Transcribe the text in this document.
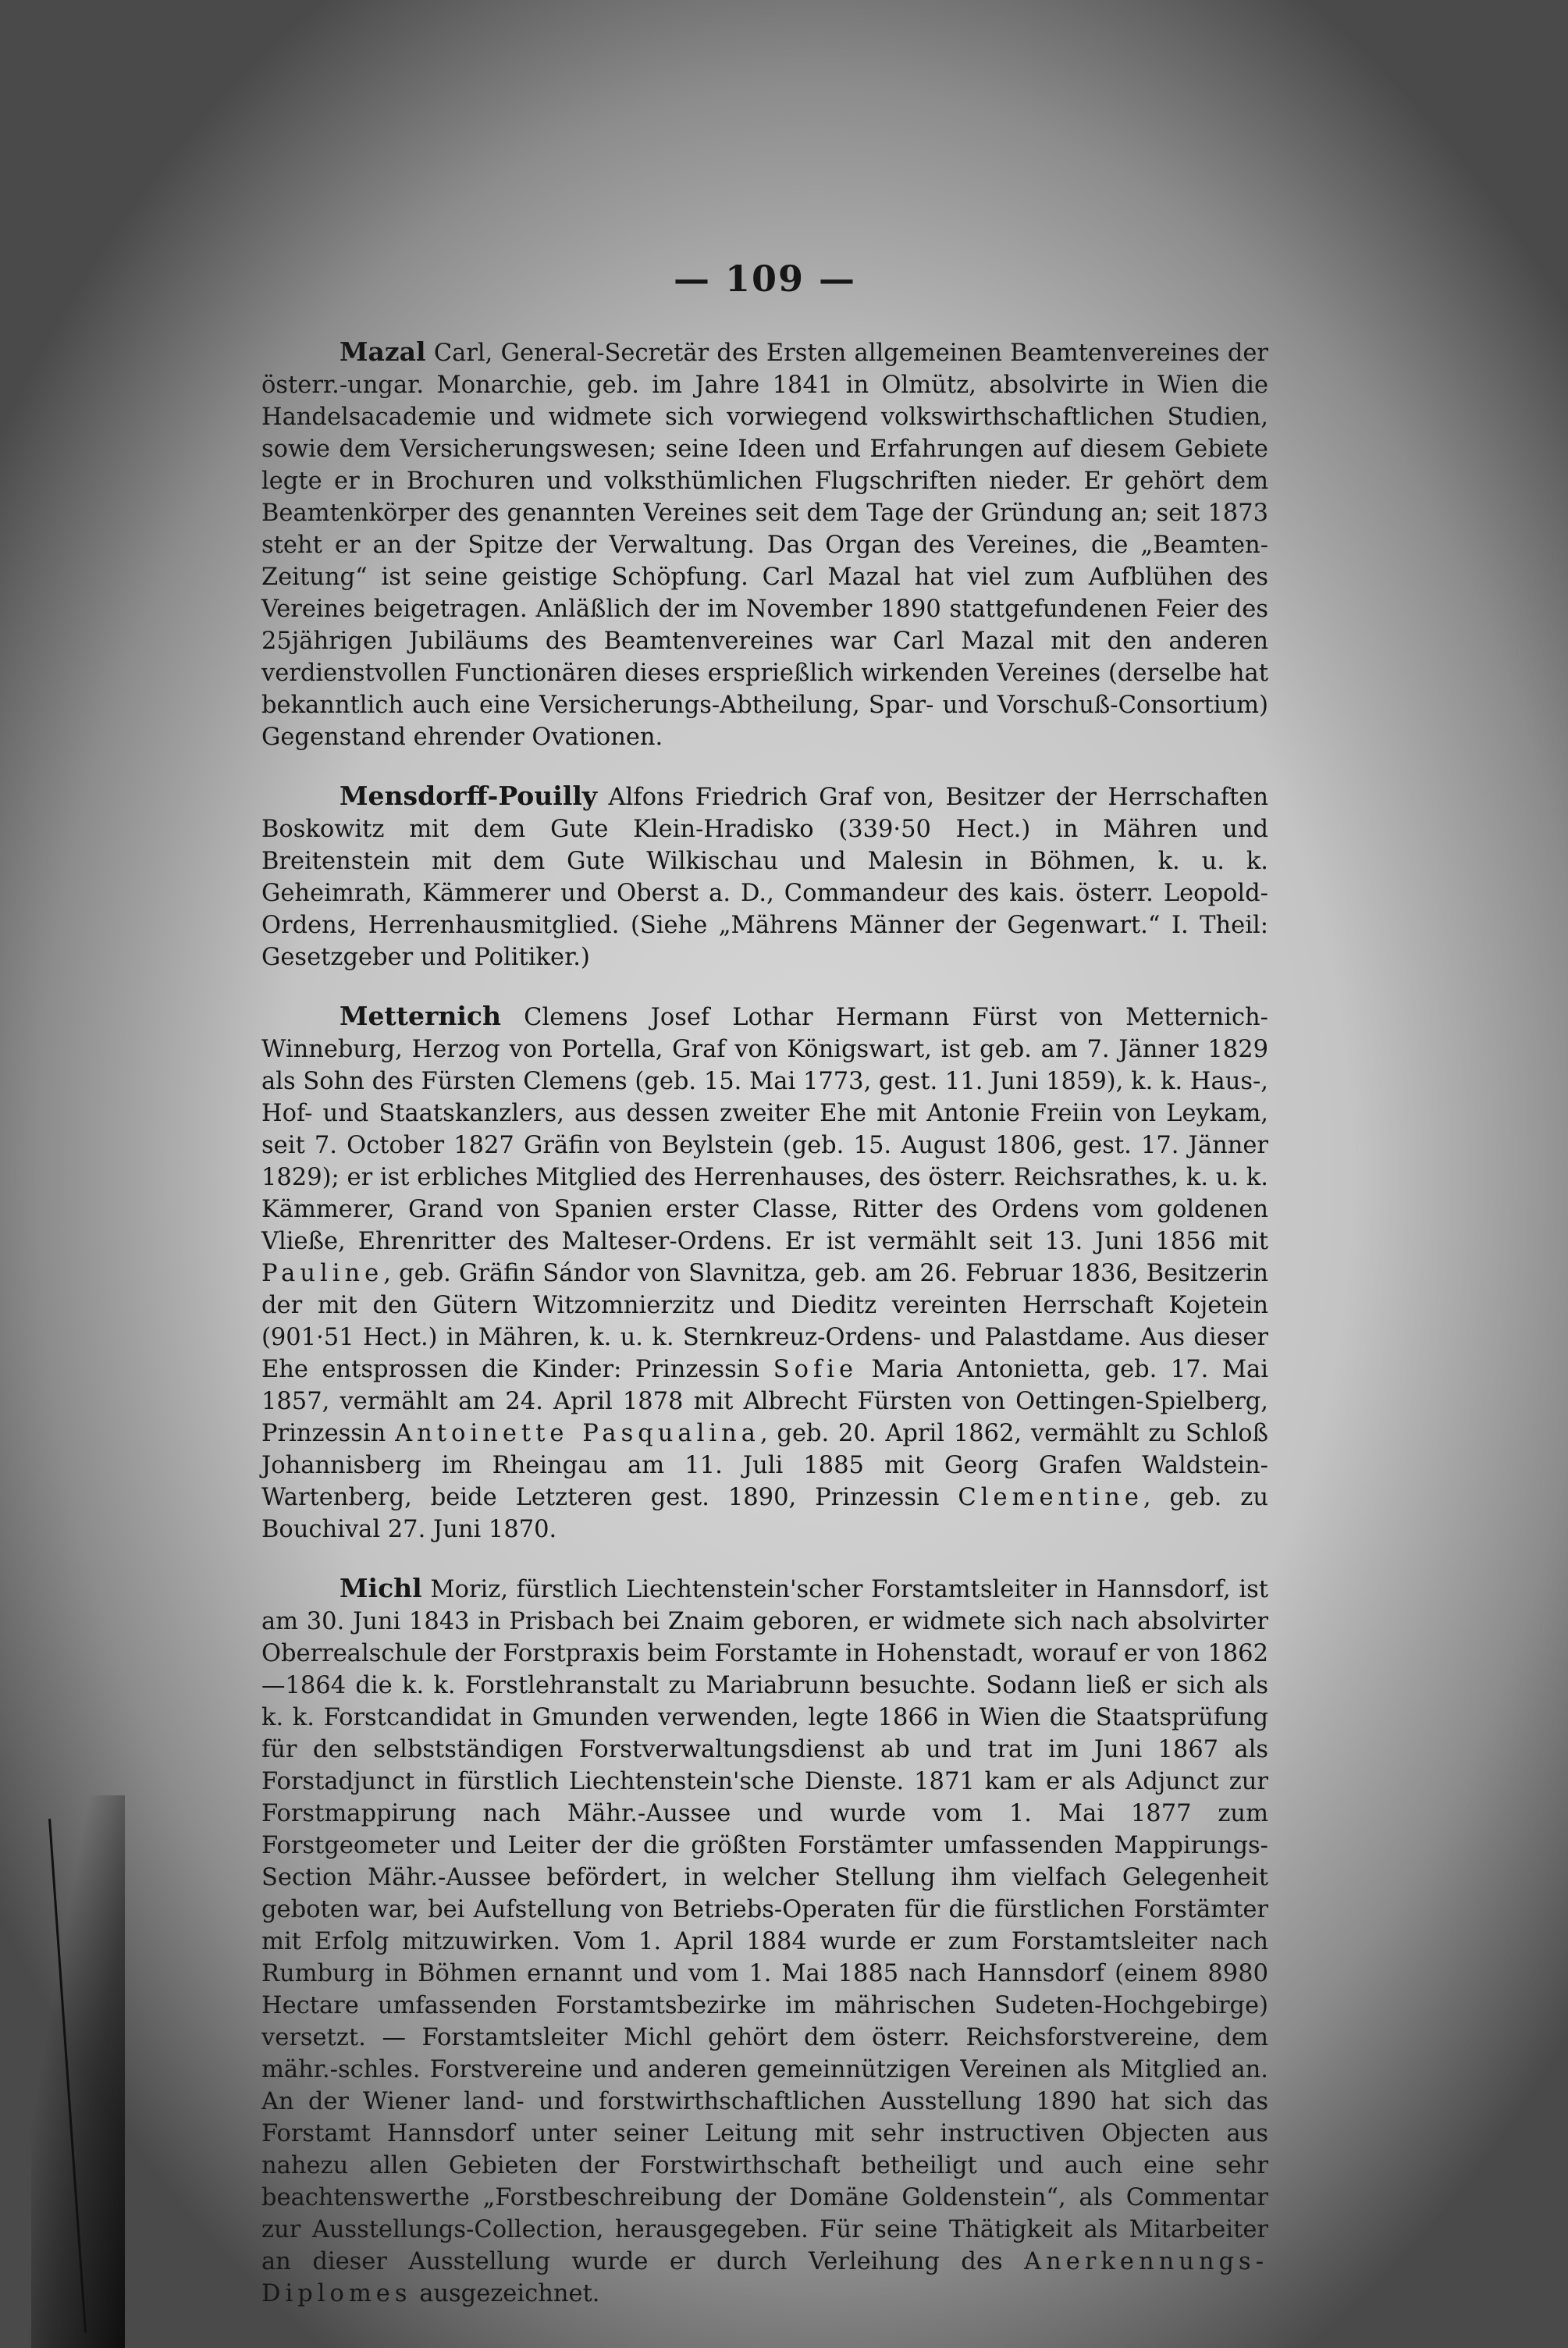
— 109 —

Mazal Carl, General-Secretär des Ersten allgemeinen Beamtenvereines der österr.-ungar. Monarchie, geb. im Jahre 1841 in Olmütz, absolvirte in Wien die Handelsacademie und widmete sich vorwiegend volkswirthschaftlichen Studien, sowie dem Versicherungswesen; seine Ideen und Erfahrungen auf diesem Gebiete legte er in Brochuren und volksthümlichen Flugschriften nieder. Er gehört dem Beamtenkörper des genannten Vereines seit dem Tage der Gründung an; seit 1873 steht er an der Spitze der Verwaltung. Das Organ des Vereines, die „Beamten-Zeitung“ ist seine geistige Schöpfung. Carl Mazal hat viel zum Aufblühen des Vereines beigetragen. Anläßlich der im November 1890 stattgefundenen Feier des 25jährigen Jubiläums des Beamtenvereines war Carl Mazal mit den anderen verdienstvollen Functionären dieses ersprießlich wirkenden Vereines (derselbe hat bekanntlich auch eine Versicherungs-Abtheilung, Spar- und Vorschuß-Consortium) Gegenstand ehrender Ovationen.

Mensdorff-Pouilly Alfons Friedrich Graf von, Besitzer der Herrschaften Boskowitz mit dem Gute Klein-Hradisko (339·50 Hect.) in Mähren und Breitenstein mit dem Gute Wilkischau und Malesin in Böhmen, k. u. k. Geheimrath, Kämmerer und Oberst a. D., Commandeur des kais. österr. Leopold-Ordens, Herrenhausmitglied. (Siehe „Mährens Männer der Gegenwart.“ I. Theil: Gesetzgeber und Politiker.)

Metternich Clemens Josef Lothar Hermann Fürst von Metternich-Winneburg, Herzog von Portella, Graf von Königswart, ist geb. am 7. Jänner 1829 als Sohn des Fürsten Clemens (geb. 15. Mai 1773, gest. 11. Juni 1859), k. k. Haus-, Hof- und Staatskanzlers, aus dessen zweiter Ehe mit Antonie Freiin von Leykam, seit 7. October 1827 Gräfin von Beylstein (geb. 15. August 1806, gest. 17. Jänner 1829); er ist erbliches Mitglied des Herrenhauses, des österr. Reichsrathes, k. u. k. Kämmerer, Grand von Spanien erster Classe, Ritter des Ordens vom goldenen Vließe, Ehrenritter des Malteser-Ordens. Er ist vermählt seit 13. Juni 1856 mit Pauline, geb. Gräfin Sándor von Slavnitza, geb. am 26. Februar 1836, Besitzerin der mit den Gütern Witzomnierzitz und Dieditz vereinten Herrschaft Kojetein (901·51 Hect.) in Mähren, k. u. k. Sternkreuz-Ordens- und Palastdame. Aus dieser Ehe entsprossen die Kinder: Prinzessin Sofie Maria Antonietta, geb. 17. Mai 1857, vermählt am 24. April 1878 mit Albrecht Fürsten von Oettingen-Spielberg, Prinzessin Antoinette Pasqualina, geb. 20. April 1862, vermählt zu Schloß Johannisberg im Rheingau am 11. Juli 1885 mit Georg Grafen Waldstein-Wartenberg, beide Letzteren gest. 1890, Prinzessin Clementine, geb. zu Bouchival 27. Juni 1870.

Michl Moriz, fürstlich Liechtenstein'scher Forstamtsleiter in Hannsdorf, ist am 30. Juni 1843 in Prisbach bei Znaim geboren, er widmete sich nach absolvirter Oberrealschule der Forstpraxis beim Forstamte in Hohenstadt, worauf er von 1862—1864 die k. k. Forstlehranstalt zu Mariabrunn besuchte. Sodann ließ er sich als k. k. Forstcandidat in Gmunden verwenden, legte 1866 in Wien die Staatsprüfung für den selbstständigen Forstverwaltungsdienst ab und trat im Juni 1867 als Forstadjunct in fürstlich Liechtenstein'sche Dienste. 1871 kam er als Adjunct zur Forstmappirung nach Mähr.-Aussee und wurde vom 1. Mai 1877 zum Forstgeometer und Leiter der die größten Forstämter umfassenden Mappirungs-Section Mähr.-Aussee befördert, in welcher Stellung ihm vielfach Gelegenheit geboten war, bei Aufstellung von Betriebs-Operaten für die fürstlichen Forstämter mit Erfolg mitzuwirken. Vom 1. April 1884 wurde er zum Forstamtsleiter nach Rumburg in Böhmen ernannt und vom 1. Mai 1885 nach Hannsdorf (einem 8980 Hectare umfassenden Forstamtsbezirke im mährischen Sudeten-Hochgebirge) versetzt. — Forstamtsleiter Michl gehört dem österr. Reichsforstvereine, dem mähr.-schles. Forstvereine und anderen gemeinnützigen Vereinen als Mitglied an. An der Wiener land- und forstwirthschaftlichen Ausstellung 1890 hat sich das Forstamt Hannsdorf unter seiner Leitung mit sehr instructiven Objecten aus nahezu allen Gebieten der Forstwirthschaft betheiligt und auch eine sehr beachtenswerthe „Forstbeschreibung der Domäne Goldenstein“, als Commentar zur Ausstellungs-Collection, herausgegeben. Für seine Thätigkeit als Mitarbeiter an dieser Ausstellung wurde er durch Verleihung des Anerkennungs-Diplomes ausgezeichnet.
